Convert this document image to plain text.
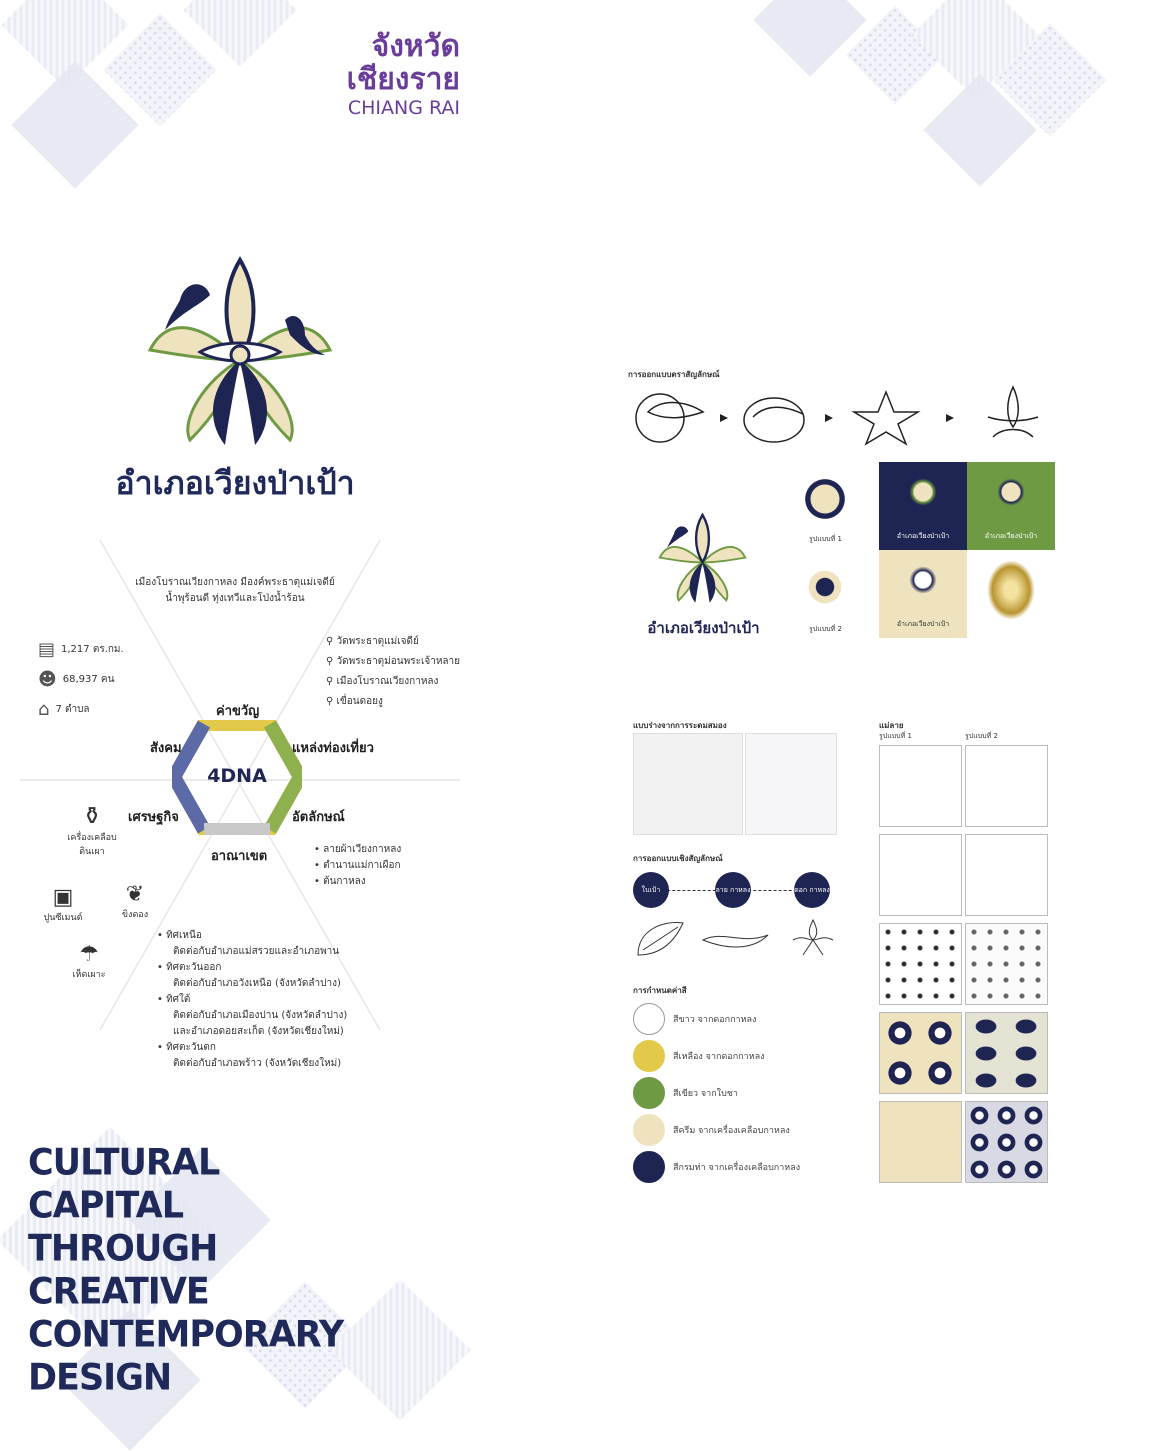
จังหวัด
เชียงราย
CHIANG RAI
อำเภอเวียงป่าเป้า
เมืองโบราณเวียงกาหลง มีองค์พระธาตุแม่เจดีย์
น้ำพุร้อนดี ทุ่งเทวีและโป่งน้ำร้อน
▤ 1,217 ตร.กม.
☻ 68,937 คน
⌂ 7 ตำบล
⚲ วัดพระธาตุแม่เจดีย์
⚲ วัดพระธาตุม่อนพระเจ้าหลาย
⚲ เมืองโบราณเวียงกาหลง
⚲ เขื่อนดอยงู
4DNA
ค่าขวัญ
สังคม	แหล่งท่องเที่ยว
เศรษฐกิจ	อัตลักษณ์
อาณาเขต	• ลายผ้าเวียงกาหลง
• ตำนานแม่กาเผือก
• ต้นกาหลง
⚱
เครื่องเคลือบ
ดินเผา
▣
ปูนซีเมนต์
❦
ขิงดอง
☂
เห็ดเผาะ
• ทิศเหนือ
ติดต่อกับอำเภอแม่สรวยและอำเภอพาน
• ทิศตะวันออก
ติดต่อกับอำเภอวังเหนือ (จังหวัดลำปาง)
• ทิศใต้
ติดต่อกับอำเภอเมืองปาน (จังหวัดลำปาง)
และอำเภอดอยสะเก็ด (จังหวัดเชียงใหม่)
• ทิศตะวันตก
ติดต่อกับอำเภอพร้าว (จังหวัดเชียงใหม่)
CULTURAL
CAPITAL
THROUGH
CREATIVE
CONTEMPORARY
DESIGN
การออกแบบตราสัญลักษณ์
อำเภอเวียงป่าเป้า
รูปแบบที่ 1
รูปแบบที่ 2
อำเภอเวียงป่าเป้า	อำเภอเวียงป่าเป้า
อำเภอเวียงป่าเป้า
แบบร่างจากการระดมสมอง
การออกแบบเชิงสัญลักษณ์
ใบเป้า	ลาย กาหลง	ดอก กาหลง
การกำหนดค่าสี
สีขาว จากดอกกาหลง
สีเหลือง จากดอกกาหลง
สีเขียว จากใบชา
สีครีม จากเครื่องเคลือบกาหลง
สีกรมท่า จากเครื่องเคลือบกาหลง
แม่ลาย
รูปแบบที่ 1	รูปแบบที่ 2
